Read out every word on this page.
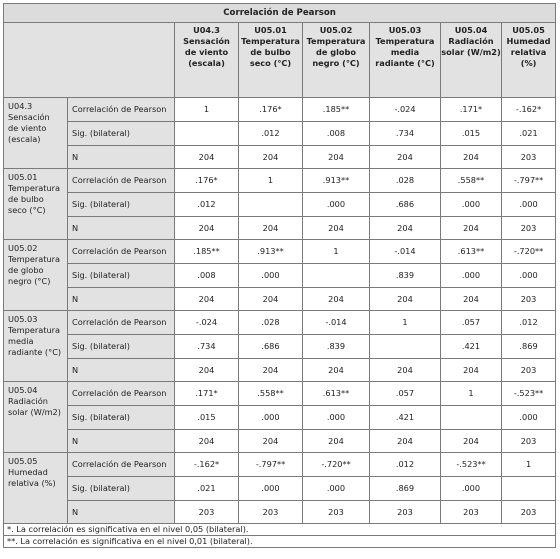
Correlación de Pearson							

		U04.3
Sensación
de viento
(escala)	U05.01
Temperatura
de bulbo
seco (°C)	U05.02
Temperatura
de globo
negro (°C)	U05.03
Temperatura
media
radiante (°C)	U05.04
Radiación
solar (W/m2)	U05.05
Humedad
relativa (%)

U04.3
Sensación
de viento
(escala)	Correlación de Pearson	1	.176*	.185**	-.024	.171*	-.162*
	Sig. (bilateral)		.012	.008	.734	.015	.021
	N	204	204	204	204	204	203

U05.01
Temperatura
de bulbo
seco (°C)	Correlación de Pearson	.176*	1	.913**	.028	.558**	-.797**
	Sig. (bilateral)	.012		.000	.686	.000	.000
	N	204	204	204	204	204	203

U05.02
Temperatura
de globo
negro (°C)	Correlación de Pearson	.185**	.913**	1	-.014	.613**	-.720**
	Sig. (bilateral)	.008	.000		.839	.000	.000
	N	204	204	204	204	204	203

U05.03
Temperatura
media
radiante (°C)	Correlación de Pearson	-.024	.028	-.014	1	.057	.012
	Sig. (bilateral)	.734	.686	.839		.421	.869
	N	204	204	204	204	204	203

U05.04
Radiación
solar (W/m2)	Correlación de Pearson	.171*	.558**	.613**	.057	1	-.523**
	Sig. (bilateral)	.015	.000	.000	.421		.000
	N	204	204	204	204	204	203

U05.05
Humedad
relativa (%)	Correlación de Pearson	-.162*	-.797**	-.720**	.012	-.523**	1
	Sig. (bilateral)	.021	.000	.000	.869	.000	
	N	203	203	203	203	203	203
*. La correlación es significativa en el nivel 0,05 (bilateral).							
**. La correlación es significativa en el nivel 0,01 (bilateral).							
